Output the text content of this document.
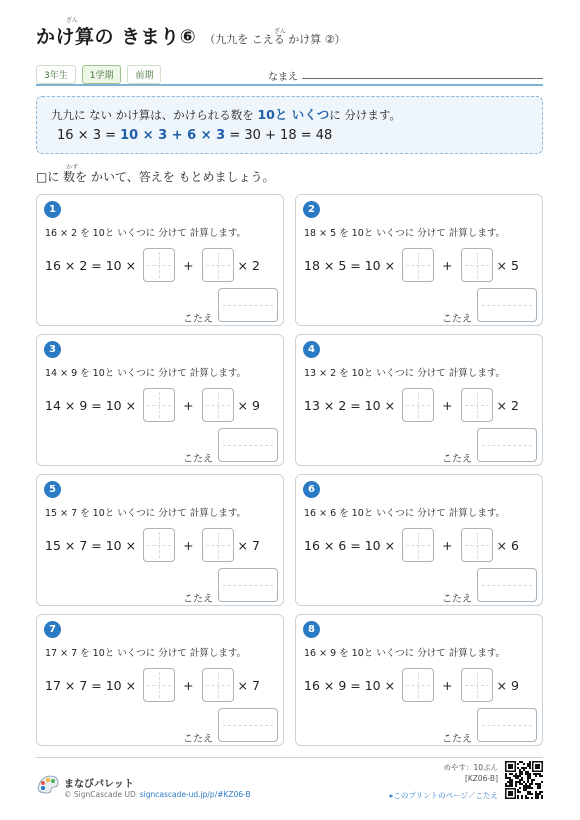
かけ算の きまり⑥ （九九を こえる かけ算 ②）
ざん
ざん
3年生	1学期	前期	なまえ
九九に ない かけ算は、かけられる数を 10と いくつに 分けます。
16 × 3 = 10 × 3 + 6 × 3 = 30 + 18 = 48
□に 数を かいて、答えを もとめましょう。
かず
1
16 × 2 を 10と いくつに 分けて 計算します。
16 × 2 = 10 ×	+	× 2
こたえ
2
18 × 5 を 10と いくつに 分けて 計算します。
18 × 5 = 10 ×	+	× 5
こたえ
3
14 × 9 を 10と いくつに 分けて 計算します。
14 × 9 = 10 ×	+	× 9
こたえ
4
13 × 2 を 10と いくつに 分けて 計算します。
13 × 2 = 10 ×	+	× 2
こたえ
5
15 × 7 を 10と いくつに 分けて 計算します。
15 × 7 = 10 ×	+	× 7
こたえ
6
16 × 6 を 10と いくつに 分けて 計算します。
16 × 6 = 10 ×	+	× 6
こたえ
7
17 × 7 を 10と いくつに 分けて 計算します。
17 × 7 = 10 ×	+	× 7
こたえ
8
16 × 9 を 10と いくつに 分けて 計算します。
16 × 9 = 10 ×	+	× 9
こたえ
まなびパレット
© SignCascade UD signcascade-ud.jp/p/#KZ06-B
めやす：10ぷん
[KZ06-B]
▸このプリントのページ／こたえ
